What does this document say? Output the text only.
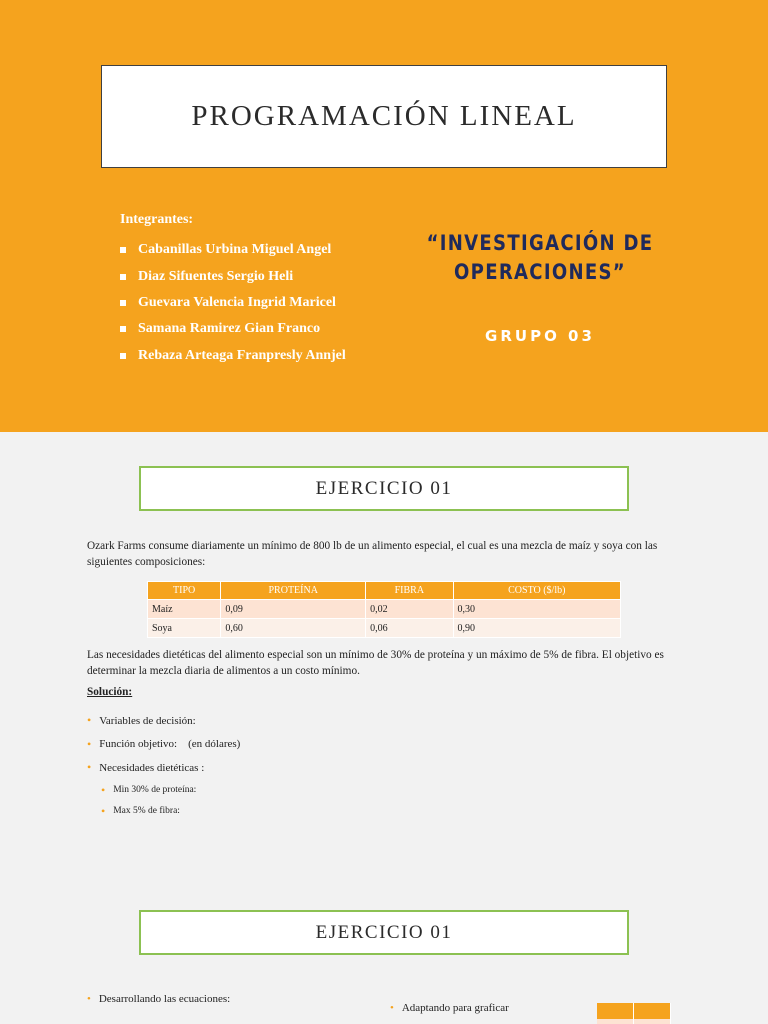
PROGRAMACIÓN LINEAL
Integrantes:
Cabanillas Urbina Miguel Angel
Diaz Sifuentes Sergio Heli
Guevara Valencia Ingrid Maricel
Samana Ramirez Gian Franco
Rebaza Arteaga Franpresly Annjel
“INVESTIGACIÓN DE
OPERACIONES”
GRUPO 03
EJERCICIO 01

Ozark Farms consume diariamente un mínimo de 800 lb de un alimento especial, el cual es una mezcla de maíz y soya con las siguientes composiciones:

TIPO	PROTEÍNA	FIBRA	COSTO ($/lb)
Maíz	0,09	0,02	0,30
Soya	0,60	0,06	0,90

Las necesidades dietéticas del alimento especial son un mínimo de 30% de proteína y un máximo de 5% de fibra. El objetivo es determinar la mezcla diaria de alimentos a un costo mínimo.

Solución:
• Variables de decisión:
• Función objetivo:    (en dólares)
• Necesidades dietéticas :
• Min 30% de proteína:
• Max 5% de fibra:
EJERCICIO 01
• Desarrollando las ecuaciones:
• Adaptando para graficar
